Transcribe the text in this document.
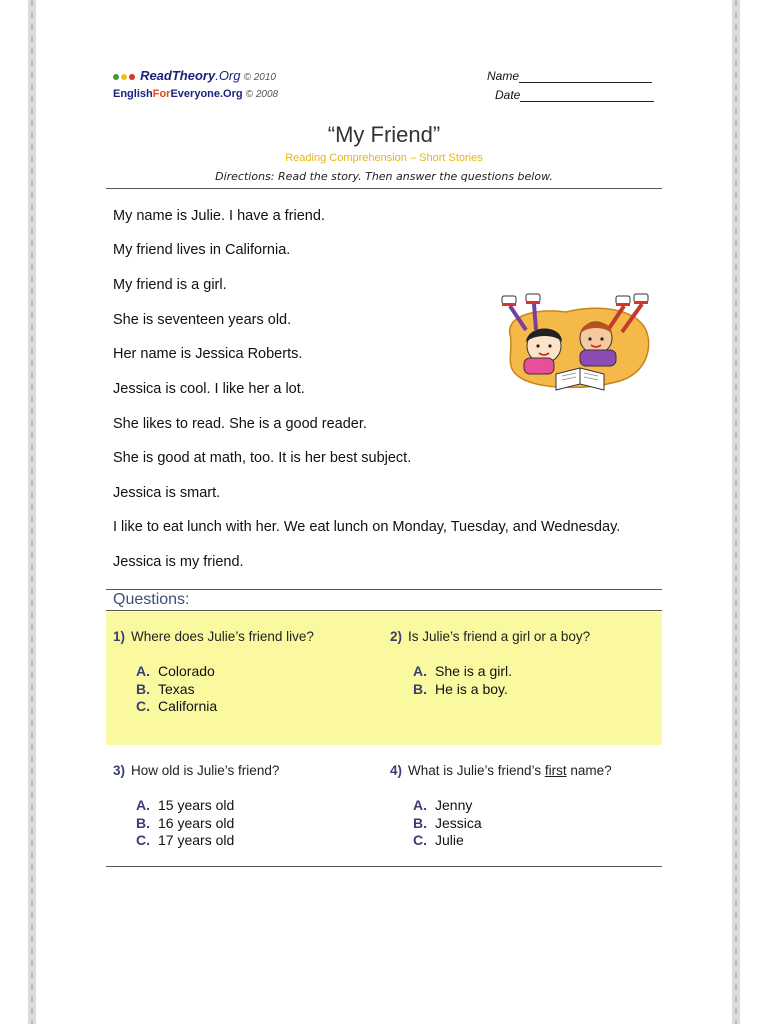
ReadTheory.Org © 2010
EnglishForEveryone.Org © 2008
Name
Date
“My Friend”
Reading Comprehension – Short Stories
Directions: Read the story. Then answer the questions below.

My name is Julie. I have a friend.

My friend lives in California.

My friend is a girl.

She is seventeen years old.

Her name is Jessica Roberts.

Jessica is cool. I like her a lot.

She likes to read. She is a good reader.

She is good at math, too. It is her best subject.

Jessica is smart.

I like to eat lunch with her. We eat lunch on Monday, Tuesday, and Wednesday.

Jessica is my friend.

Questions:
1) Where does Julie’s friend live?
A. Colorado
B. Texas
C. California
2) Is Julie’s friend a girl or a boy?
A. She is a girl.
B. He is a boy.
3) How old is Julie’s friend?
A. 15 years old
B. 16 years old
C. 17 years old
4) What is Julie’s friend’s first name?
A. Jenny
B. Jessica
C. Julie
